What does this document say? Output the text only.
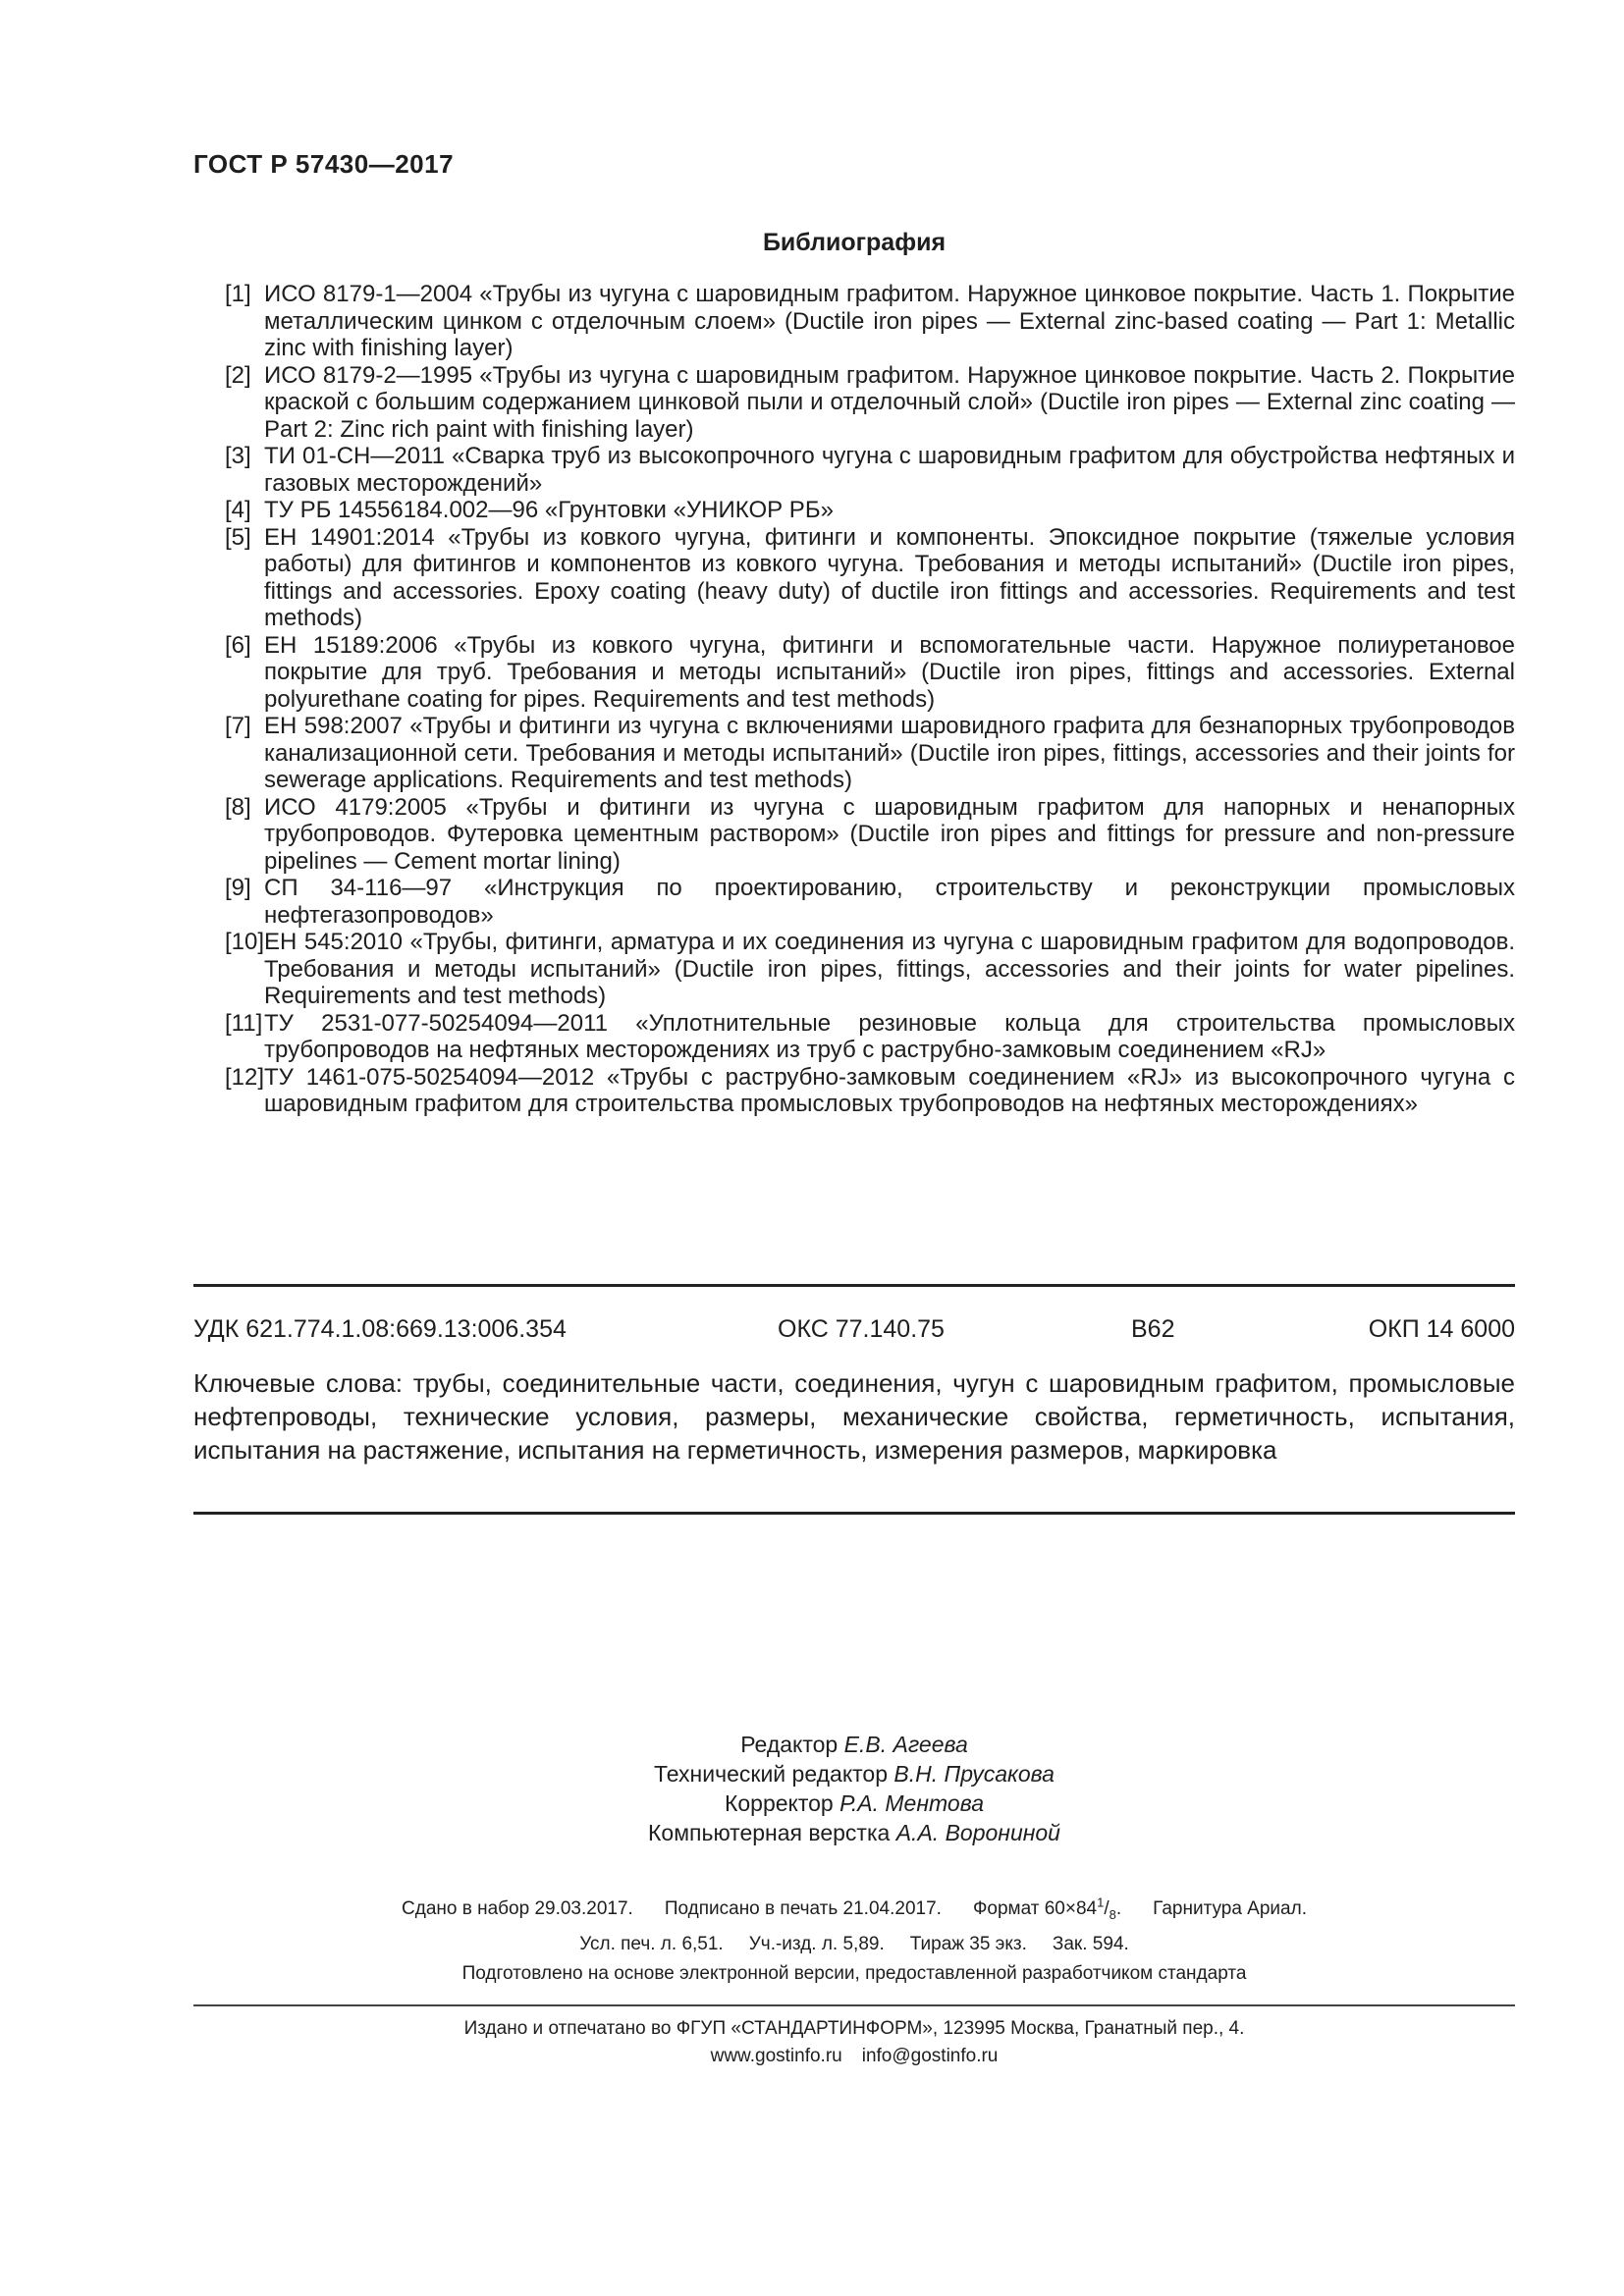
ГОСТ Р 57430—2017
Библиография
[1] ИСО 8179-1—2004 «Трубы из чугуна с шаровидным графитом. Наружное цинковое покрытие. Часть 1. Покрытие металлическим цинком с отделочным слоем» (Ductile iron pipes — External zinc-based coating — Part 1: Metallic zinc with finishing layer)
[2] ИСО 8179-2—1995 «Трубы из чугуна с шаровидным графитом. Наружное цинковое покрытие. Часть 2. Покрытие краской с большим содержанием цинковой пыли и отделочный слой» (Ductile iron pipes — External zinc coating — Part 2: Zinc rich paint with finishing layer)
[3] ТИ 01-СН—2011 «Сварка труб из высокопрочного чугуна с шаровидным графитом для обустройства нефтяных и газовых месторождений»
[4] ТУ РБ 14556184.002—96 «Грунтовки «УНИКОР РБ»
[5] ЕН 14901:2014 «Трубы из ковкого чугуна, фитинги и компоненты. Эпоксидное покрытие (тяжелые условия работы) для фитингов и компонентов из ковкого чугуна. Требования и методы испытаний» (Ductile iron pipes, fittings and accessories. Epoxy coating (heavy duty) of ductile iron fittings and accessories. Requirements and test methods)
[6] ЕН 15189:2006 «Трубы из ковкого чугуна, фитинги и вспомогательные части. Наружное полиуретановое покрытие для труб. Требования и методы испытаний» (Ductile iron pipes, fittings and accessories. External polyurethane coating for pipes. Requirements and test methods)
[7] ЕН 598:2007 «Трубы и фитинги из чугуна с включениями шаровидного графита для безнапорных трубопроводов канализационной сети. Требования и методы испытаний» (Ductile iron pipes, fittings, accessories and their joints for sewerage applications. Requirements and test methods)
[8] ИСО 4179:2005 «Трубы и фитинги из чугуна с шаровидным графитом для напорных и ненапорных трубопроводов. Футеровка цементным раствором» (Ductile iron pipes and fittings for pressure and non-pressure pipelines — Cement mortar lining)
[9] СП 34-116—97 «Инструкция по проектированию, строительству и реконструкции промысловых нефтегазопроводов»
[10] ЕН 545:2010 «Трубы, фитинги, арматура и их соединения из чугуна с шаровидным графитом для водопроводов. Требования и методы испытаний» (Ductile iron pipes, fittings, accessories and their joints for water pipelines. Requirements and test methods)
[11] ТУ 2531-077-50254094—2011 «Уплотнительные резиновые кольца для строительства промысловых трубопроводов на нефтяных месторождениях из труб с раструбно-замковым соединением «RJ»
[12] ТУ 1461-075-50254094—2012 «Трубы с раструбно-замковым соединением «RJ» из высокопрочного чугуна с шаровидным графитом для строительства промысловых трубопроводов на нефтяных месторождениях»
УДК 621.774.1.08:669.13:006.354	ОКС 77.140.75	В62	ОКП 14 6000
Ключевые слова: трубы, соединительные части, соединения, чугун с шаровидным графитом, промысловые нефтепроводы, технические условия, размеры, механические свойства, герметичность, испытания, испытания на растяжение, испытания на герметичность, измерения размеров, маркировка
Редактор Е.В. Агеева
Технический редактор В.Н. Прусакова
Корректор Р.А. Ментова
Компьютерная верстка А.А. Ворониной
Сдано в набор 29.03.2017. Подписано в печать 21.04.2017. Формат $60\times 84^1/_8$. Гарнитура Ариал.
Усл. печ. л. 6,51. Уч.-изд. л. 5,89. Тираж 35 экз. Зак. 594.
Подготовлено на основе электронной версии, предоставленной разработчиком стандарта
Издано и отпечатано во ФГУП «СТАНДАРТИНФОРМ», 123995 Москва, Гранатный пер., 4.
www.gostinfo.ru info@gostinfo.ru
